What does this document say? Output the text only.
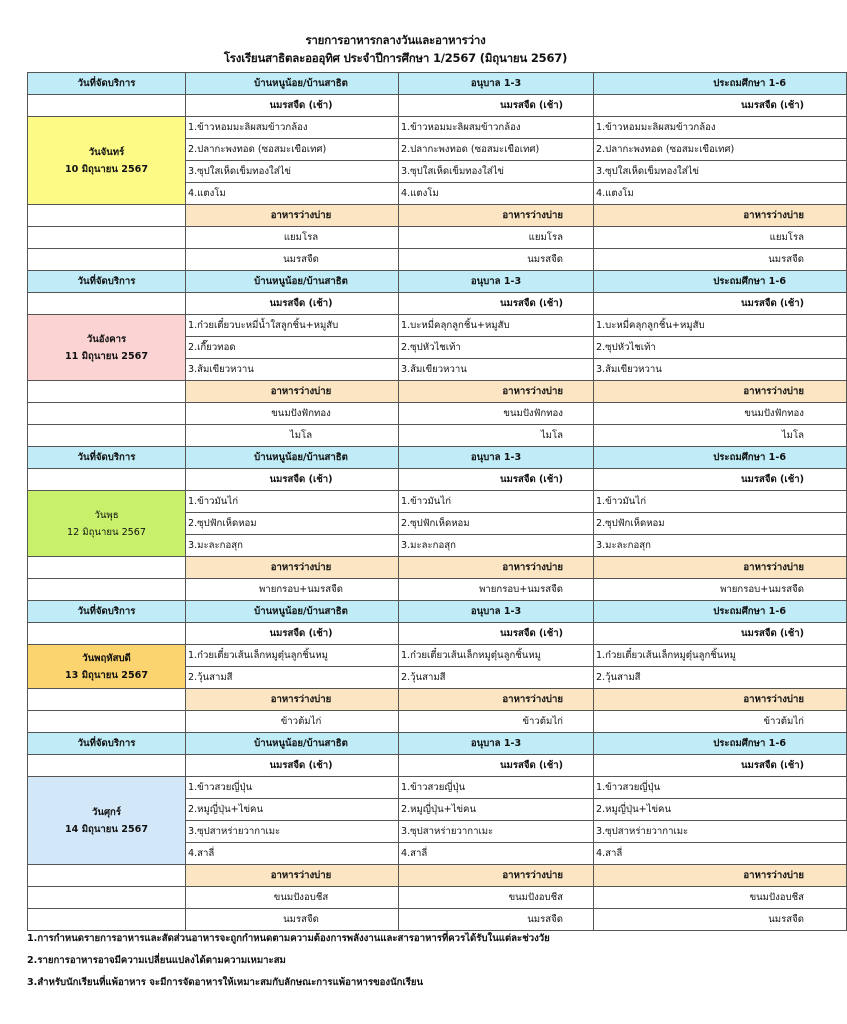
รายการอาหารกลางวันและอาหารว่าง
โรงเรียนสาธิตละอออุทิศ ประจำปีการศึกษา 1/2567 (มิถุนายน 2567)
วันที่จัดบริการ	บ้านหนูน้อย/บ้านสาธิต	อนุบาล 1-3	ประถมศึกษา 1-6
	นมรสจืด (เช้า)	นมรสจืด (เช้า)	นมรสจืด (เช้า)

วันจันทร์
10 มิถุนายน 2567	1.ข้าวหอมมะลิผสมข้าวกล้อง	1.ข้าวหอมมะลิผสมข้าวกล้อง	1.ข้าวหอมมะลิผสมข้าวกล้อง
	2.ปลากะพงทอด (ซอสมะเขือเทศ)	2.ปลากะพงทอด (ซอสมะเขือเทศ)	2.ปลากะพงทอด (ซอสมะเขือเทศ)
	3.ซุปใสเห็ดเข็มทองใส่ไข่	3.ซุปใสเห็ดเข็มทองใส่ไข่	3.ซุปใสเห็ดเข็มทองใส่ไข่
	4.แตงโม	4.แตงโม	4.แตงโม
	อาหารว่างบ่าย	อาหารว่างบ่าย	อาหารว่างบ่าย
	แยมโรล	แยมโรล	แยมโรล
	นมรสจืด	นมรสจืด	นมรสจืด
วันที่จัดบริการ	บ้านหนูน้อย/บ้านสาธิต	อนุบาล 1-3	ประถมศึกษา 1-6
	นมรสจืด (เช้า)	นมรสจืด (เช้า)	นมรสจืด (เช้า)

วันอังคาร
11 มิถุนายน 2567	1.ก๋วยเตี๋ยวบะหมี่น้ำใสลูกชิ้น+หมูสับ	1.บะหมี่คลุกลูกชิ้น+หมูสับ	1.บะหมี่คลุกลูกชิ้น+หมูสับ
	2.เกี๊ยวทอด	2.ซุปหัวไชเท้า	2.ซุปหัวไชเท้า
	3.ส้มเขียวหวาน	3.ส้มเขียวหวาน	3.ส้มเขียวหวาน
	อาหารว่างบ่าย	อาหารว่างบ่าย	อาหารว่างบ่าย
	ขนมปังฟักทอง	ขนมปังฟักทอง	ขนมปังฟักทอง
	ไมโล	ไมโล	ไมโล
วันที่จัดบริการ	บ้านหนูน้อย/บ้านสาธิต	อนุบาล 1-3	ประถมศึกษา 1-6
	นมรสจืด (เช้า)	นมรสจืด (เช้า)	นมรสจืด (เช้า)

วันพุธ
12 มิถุนายน 2567	1.ข้าวมันไก่	1.ข้าวมันไก่	1.ข้าวมันไก่
	2.ซุปฟักเห็ดหอม	2.ซุปฟักเห็ดหอม	2.ซุปฟักเห็ดหอม
	3.มะละกอสุก	3.มะละกอสุก	3.มะละกอสุก
	อาหารว่างบ่าย	อาหารว่างบ่าย	อาหารว่างบ่าย
	พายกรอบ+นมรสจืด	พายกรอบ+นมรสจืด	พายกรอบ+นมรสจืด
วันที่จัดบริการ	บ้านหนูน้อย/บ้านสาธิต	อนุบาล 1-3	ประถมศึกษา 1-6
	นมรสจืด (เช้า)	นมรสจืด (เช้า)	นมรสจืด (เช้า)

วันพฤหัสบดี
13 มิถุนายน 2567	1.ก๋วยเตี๋ยวเส้นเล็กหมูตุ๋นลูกชิ้นหมู	1.ก๋วยเตี๋ยวเส้นเล็กหมูตุ๋นลูกชิ้นหมู	1.ก๋วยเตี๋ยวเส้นเล็กหมูตุ๋นลูกชิ้นหมู
	2.วุ้นสามสี	2.วุ้นสามสี	2.วุ้นสามสี
	อาหารว่างบ่าย	อาหารว่างบ่าย	อาหารว่างบ่าย
	ข้าวต้มไก่	ข้าวต้มไก่	ข้าวต้มไก่
วันที่จัดบริการ	บ้านหนูน้อย/บ้านสาธิต	อนุบาล 1-3	ประถมศึกษา 1-6
	นมรสจืด (เช้า)	นมรสจืด (เช้า)	นมรสจืด (เช้า)

วันศุกร์
14 มิถุนายน 2567	1.ข้าวสวยญี่ปุ่น	1.ข้าวสวยญี่ปุ่น	1.ข้าวสวยญี่ปุ่น
	2.หมูญี่ปุ่น+ไข่คน	2.หมูญี่ปุ่น+ไข่คน	2.หมูญี่ปุ่น+ไข่คน
	3.ซุปสาหร่ายวากาเมะ	3.ซุปสาหร่ายวากาเมะ	3.ซุปสาหร่ายวากาเมะ
	4.สาลี่	4.สาลี่	4.สาลี่
	อาหารว่างบ่าย	อาหารว่างบ่าย	อาหารว่างบ่าย
	ขนมปังอบชีส	ขนมปังอบชีส	ขนมปังอบชีส
	นมรสจืด	นมรสจืด	นมรสจืด
1.การกำหนดรายการอาหารและสัดส่วนอาหารจะถูกกำหนดตามความต้องการพลังงานและสารอาหารที่ควรได้รับในแต่ละช่วงวัย
2.รายการอาหารอาจมีความเปลี่ยนแปลงได้ตามความเหมาะสม
3.สำหรับนักเรียนที่แพ้อาหาร จะมีการจัดอาหารให้เหมาะสมกับลักษณะการแพ้อาหารของนักเรียน
